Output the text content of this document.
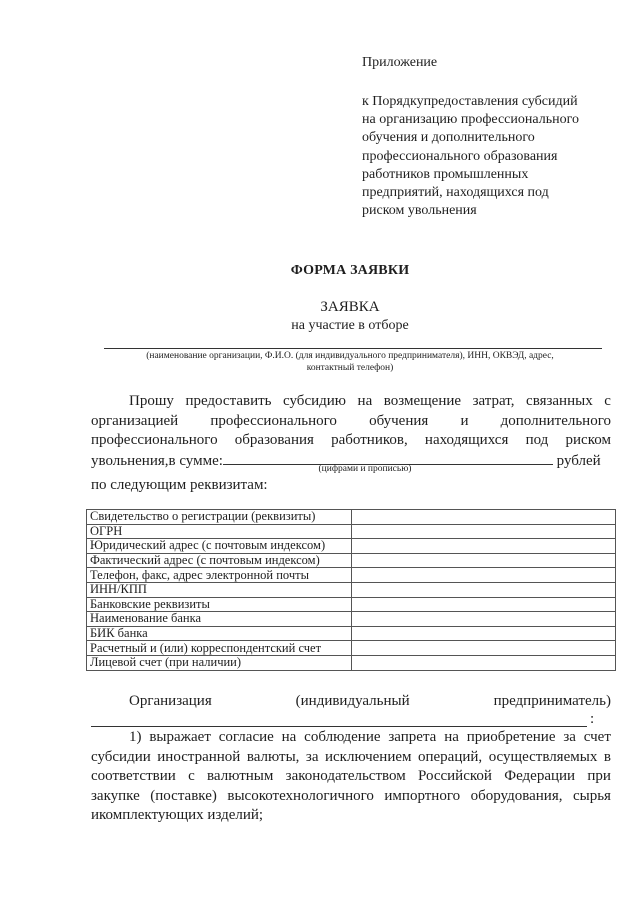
Приложение
к Порядкупредоставления субсидий
на организацию профессионального
обучения и дополнительного
профессионального образования
работников промышленных
предприятий, находящихся под
риском увольнения
ФОРМА ЗАЯВКИ
ЗАЯВКА
на участие в отборе
(наименование организации, Ф.И.О. (для индивидуального предпринимателя), ИНН, ОКВЭД, адрес,
контактный телефон)
Прошу предоставить субсидию на возмещение затрат, связанных с
организацией профессионального обучения и дополнительного
профессионального образования работников, находящихся под риском
увольнения,в сумме:	рублей
(цифрами и прописью)
по следующим реквизитам:
Свидетельство о регистрации (реквизиты)	
ОГРН	
Юридический адрес (с почтовым индексом)	
Фактический адрес (с почтовым индексом)	
Телефон, факс, адрес электронной почты	
ИНН/КПП	
Банковские реквизиты	
Наименование банка	
БИК банка	
Расчетный и (или) корреспондентский счет	
Лицевой счет (при наличии)	
Организация	(индивидуальный	предприниматель)
:
1) выражает согласие на соблюдение запрета на приобретение за счет
субсидии иностранной валюты, за исключением операций, осуществляемых в
соответствии с валютным законодательством Российской Федерации при
закупке (поставке) высокотехнологичного импортного оборудования, сырья
икомплектующих изделий;
